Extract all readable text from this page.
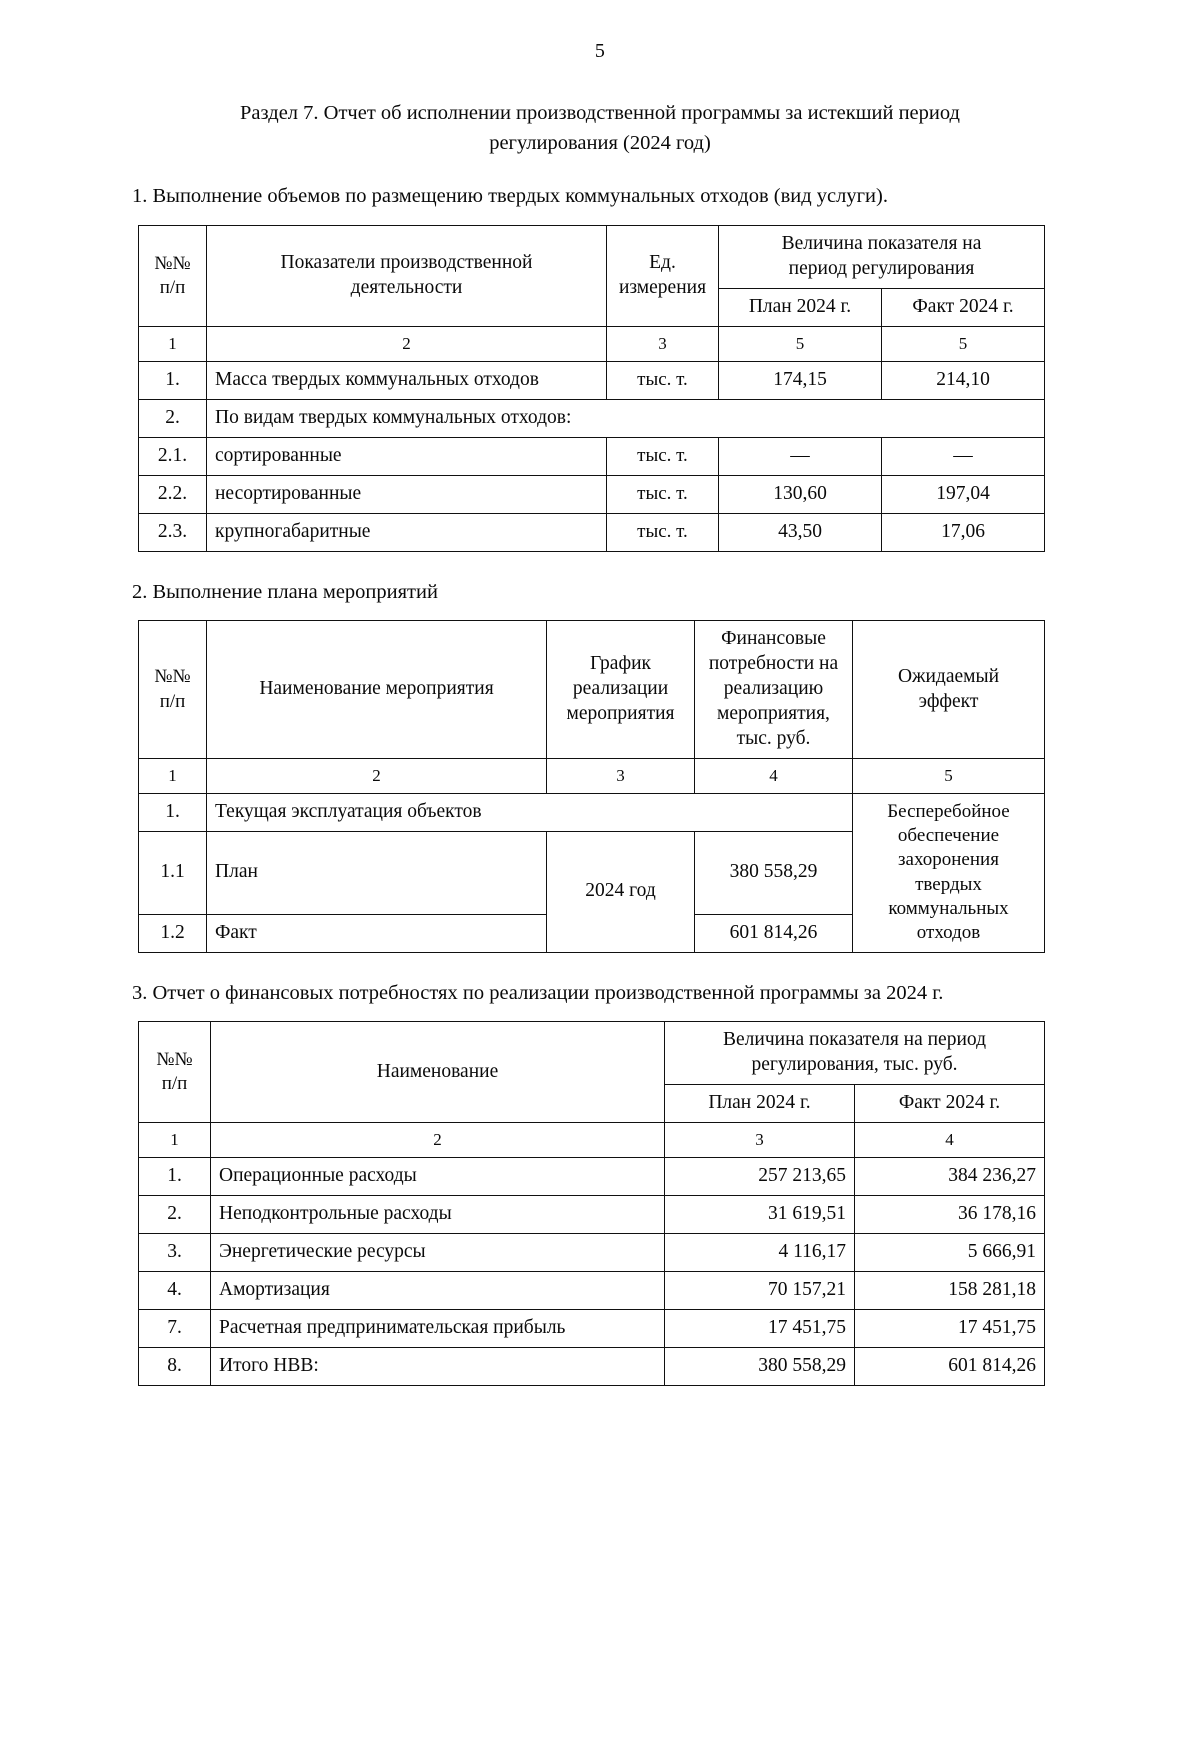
5
Раздел 7. Отчет об исполнении производственной программы за истекший период
регулирования (2024 год)
1. Выполнение объемов по размещению твердых коммунальных отходов (вид услуги).
№№
п/п

Показатели производственной
деятельности

Ед.
измерения

Величина показателя на
период регулирования

			План 2024 г.	Факт 2024 г.
1	2	3	5	5
1.	Масса твердых коммунальных отходов	тыс. т.	174,15	214,10
2.	По видам твердых коммунальных отходов:			
2.1.	сортированные	тыс. т.	—	—
2.2.	несортированные	тыс. т.	130,60	197,04
2.3.	крупногабаритные	тыс. т.	43,50	17,06
2. Выполнение плана мероприятий
№№
п/п
	Наименование мероприятия	
График
реализации
мероприятия

Финансовые
потребности на
реализацию
мероприятия,
тыс. руб.

Ожидаемый
эффект

1	2	3	4	5
1.	Текущая эксплуатация объектов	Бесперебойное
обеспечение
захоронения
твердых
коммунальных
отходов

1.1	План	2024 год	380 558,29	
1.2	Факт		601 814,26	
3. Отчет о финансовых потребностях по реализации производственной программы за 2024 г.
№№
п/п
	Наименование	
Величина показателя на период
регулирования, тыс. руб.

		План 2024 г.	Факт 2024 г.
1	2	3	4
1.	Операционные расходы	257 213,65	384 236,27
2.	Неподконтрольные расходы	31 619,51	36 178,16
3.	Энергетические ресурсы	4 116,17	5 666,91
4.	Амортизация	70 157,21	158 281,18
7.	Расчетная предпринимательская прибыль	17 451,75	17 451,75
8.	Итого НВВ:	380 558,29	601 814,26
